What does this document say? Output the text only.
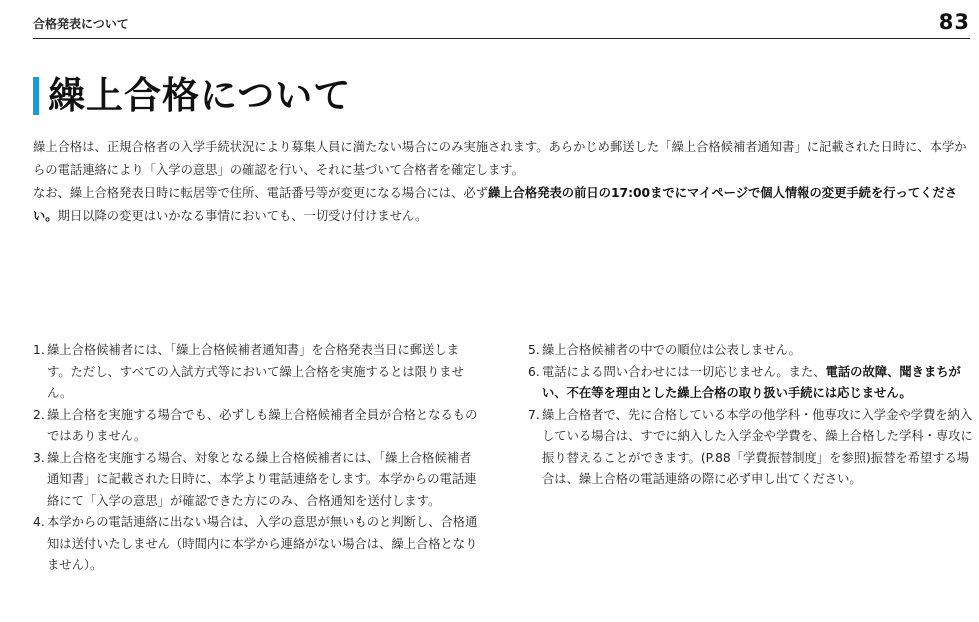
合格発表について	83
繰上合格について

繰上合格は、正規合格者の入学手続状況により募集人員に満たない場合にのみ実施されます。あらかじめ郵送した「繰上合格候補者通知書」に記載された日時に、本学からの電話連絡により「入学の意思」の確認を行い、それに基づいて合格者を確定します。

なお、繰上合格発表日時に転居等で住所、電話番号等が変更になる場合には、必ず繰上合格発表の前日の17:00までにマイページで個人情報の変更手続を行ってください。期日以降の変更はいかなる事情においても、一切受け付けません。

1. 繰上合格候補者には、「繰上合格候補者通知書」を合格発表当日に郵送します。ただし、すべての入試方式等において繰上合格を実施するとは限りません。
2. 繰上合格を実施する場合でも、必ずしも繰上合格候補者全員が合格となるものではありません。
3. 繰上合格を実施する場合、対象となる繰上合格候補者には、「繰上合格候補者通知書」に記載された日時に、本学より電話連絡をします。本学からの電話連絡にて「入学の意思」が確認できた方にのみ、合格通知を送付します。
4. 本学からの電話連絡に出ない場合は、入学の意思が無いものと判断し、合格通知は送付いたしません（時間内に本学から連絡がない場合は、繰上合格となりません）。
5. 繰上合格候補者の中での順位は公表しません。
6. 電話による問い合わせには一切応じません。また、電話の故障、聞きまちがい、不在等を理由とした繰上合格の取り扱い手続には応じません。
7. 繰上合格者で、先に合格している本学の他学科・他専攻に入学金や学費を納入している場合は、すでに納入した入学金や学費を、繰上合格した学科・専攻に振り替えることができます。(P.88「学費振替制度」を参照)振替を希望する場合は、繰上合格の電話連絡の際に必ず申し出てください。
